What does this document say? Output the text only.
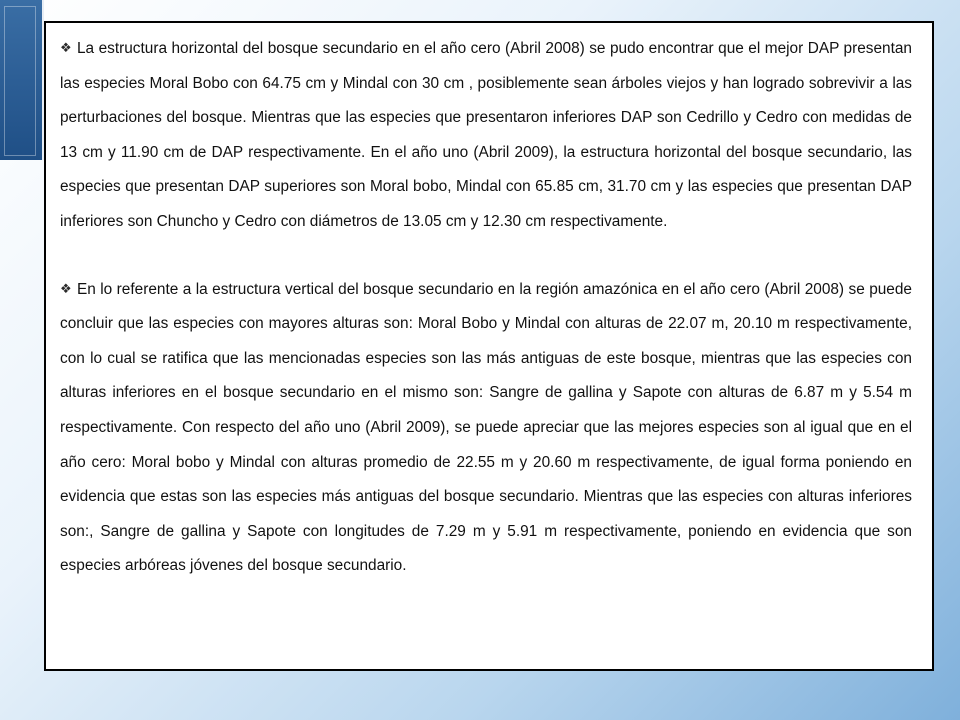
❖ La estructura horizontal del bosque secundario en el año cero (Abril 2008) se pudo encontrar que el mejor DAP presentan las especies Moral Bobo con 64.75 cm y Mindal con 30 cm , posiblemente sean árboles viejos y han logrado sobrevivir a las perturbaciones del bosque. Mientras que las especies que presentaron inferiores DAP son Cedrillo y Cedro con medidas de 13 cm y 11.90 cm de DAP respectivamente. En el año uno (Abril 2009), la estructura horizontal del bosque secundario, las especies que presentan DAP superiores son Moral bobo, Mindal con 65.85 cm, 31.70 cm y las especies que presentan DAP inferiores son Chuncho y Cedro con diámetros de 13.05 cm y 12.30 cm respectivamente.

❖ En lo referente a la estructura vertical del bosque secundario en la región amazónica en el año cero (Abril 2008) se puede concluir que las especies con mayores alturas son: Moral Bobo y Mindal con alturas de 22.07 m, 20.10 m respectivamente, con lo cual se ratifica que las mencionadas especies son las más antiguas de este bosque, mientras que las especies con alturas inferiores en el bosque secundario en el mismo son: Sangre de gallina y Sapote con alturas de 6.87 m y 5.54 m respectivamente. Con respecto del año uno (Abril 2009), se puede apreciar que las mejores especies son al igual que en el año cero: Moral bobo y Mindal con alturas promedio de 22.55 m y 20.60 m respectivamente, de igual forma poniendo en evidencia que estas son las especies más antiguas del bosque secundario. Mientras que las especies con alturas inferiores son:, Sangre de gallina y Sapote con longitudes de 7.29 m y 5.91 m respectivamente, poniendo en evidencia que son especies arbóreas jóvenes del bosque secundario.
